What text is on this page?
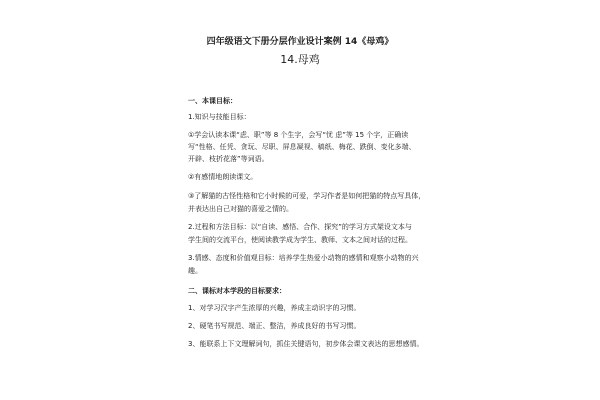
四年级语文下册分层作业设计案例 14《母鸡》
14.母鸡
一、本课目标：
1.知识与技能目标：
①学会认读本课“虑、职”等 8 个生字，会写“忧 虑”等 15 个字，正确读
写“性格、任凭、贪玩、尽职、屏息凝视、稿纸、梅花、跌倒、变化多端、
开辟、枝折花落”等词语。
②有感情地朗读课文。
③了解猫的古怪性格和它小时候的可爱，学习作者是如何把猫的特点写具体，
并表达出自己对猫的喜爱之情的。
2.过程和方法目标：以“自读、感悟、合作、探究”的学习方式架设文本与
学生间的交流平台，使阅读教学成为学生、教师、文本之间对话的过程。
3.情感、态度和价值观目标：培养学生热爱小动物的感情和观察小动物的兴
趣。
二、课标对本学段的目标要求：
1、对学习汉字产生浓厚的兴趣，养成主动识字的习惯。
2、硬笔书写规范、端正、整洁，养成良好的书写习惯。
3、能联系上下文理解词句，抓住关键语句，初步体会课文表达的思想感情。
